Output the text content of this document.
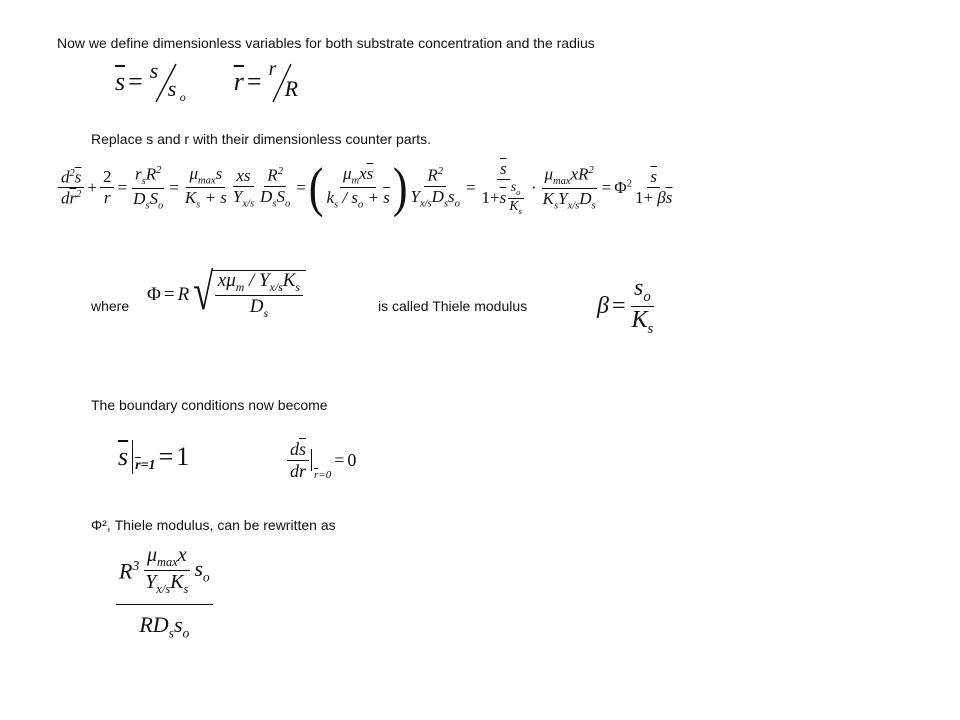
Now we define dimensionless variables for both substrate concentration and the radius
$\overline{s} = s$
s o
$\overline{r} = r$
R
Replace s and r with their dimensionless counter parts.
$\frac{d^2\overline{s}}{d\overline{r}^2} + \frac{2}{r} = \frac{r_sR^2}{D_sS_o} = \frac{\mu_{max}s}{K_s + s} \frac{xs}{Y_{x/s}} \frac{R^2}{D_sS_o}$ = ( $\frac{\mu_mx\overline{s}}{k_s / s_o + \overline{s}}$ ) $\frac{R^2}{Y_{x/s}D_ss_o} = \frac{\overline{s}}{1+ \overline{s} \frac{s_o}{K_s}} \cdot \frac{\mu_{max}xR^2}{K_sY_{x/s}D_s} = \Phi^2 \frac{\overline{s}}{1+ \beta\overline{s}}$
where
Φ = R √ $\frac{x\mu_m / Y_{x/s}K_s}{D_s}$	is called Thiele modulus	$\beta = \frac{s_o}{K_s}$
The boundary conditions now become
$\overline{s}$ $\overline{r}=1 = 1$	$\frac{d\overline{s}}{d\overline{r}} \overline{r}=0$
= 0
Φ², Thiele modulus, can be rewritten as
$\frac{R^3 \frac{\mu_{max}x}{Y_{x/s}K_s} s_o}{RD_ss_o}$
